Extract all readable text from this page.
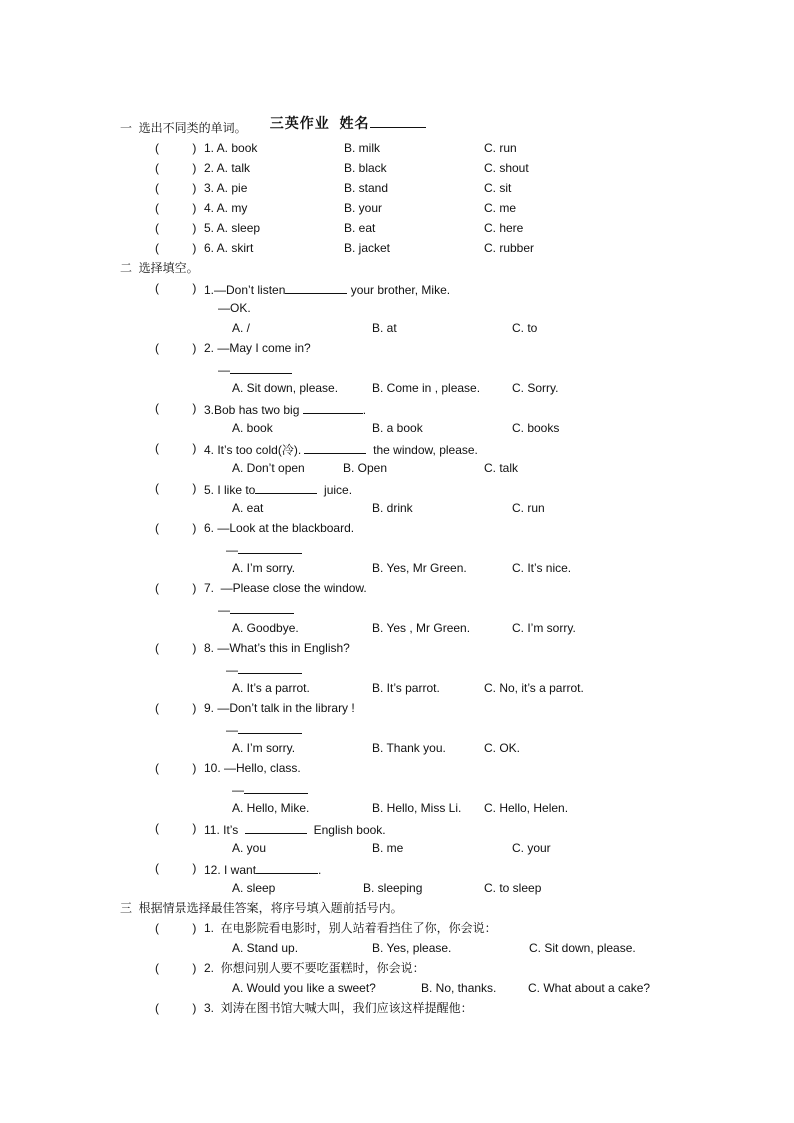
三英作业  姓名

一  选出不同类的单词。
(          ) 1. A. book	B. milk	C. run
(          ) 2. A. talk	B. black	C. shout
(          ) 3. A. pie	B. stand	C. sit
(          ) 4. A. my	B. your	C. me
(          ) 5. A. sleep	B. eat	C. here
(          ) 6. A. skirt	B. jacket	C. rubber
二  选择填空。
(          ) 1.—Don’t listen	your brother, Mike.
—OK.
A. /	B. at	C. to
(          ) 2. —May I come in?
—
A. Sit down, please.	B. Come in , please.	C. Sorry.
(          ) 3.Bob has two big	.
A. book	B. a book	C. books
(          ) 4. It’s too cold(冷).	the window, please.
A. Don’t open	B. Open	C. talk
(          ) 5. I like to	juice.
A. eat	B. drink	C. run
(          ) 6. —Look at the blackboard.
—
A. I’m sorry.	B. Yes, Mr Green.	C. It’s nice.
(          ) 7.  —Please close the window.
—
A. Goodbye.	B. Yes , Mr Green.	C. I’m sorry.
(          ) 8. —What’s this in English?
—
A. It’s a parrot.	B. It’s parrot.	C. No, it’s a parrot.
(          ) 9. —Don’t talk in the library !
—
A. I’m sorry.	B. Thank you.	C. OK.
(          ) 10. —Hello, class.
—
A. Hello, Mike.	B. Hello, Miss Li. C. Hello, Helen.
(          ) 11. It’s	English book.
A. you	B. me	C. your
(          ) 12. I want	.
A. sleep	B. sleeping	C. to sleep
三  根据情景选择最佳答案，将序号填入题前括号内。
(          ) 1.  在电影院看电影时，别人站着看挡住了你，你会说：
A. Stand up.	B. Yes, please.	C. Sit down, please.
(          ) 2.  你想问别人要不要吃蛋糕时，你会说：
A. Would you like a sweet?	B. No, thanks.	C. What about a cake?
(          ) 3.  刘涛在图书馆大喊大叫，我们应该这样提醒他：
